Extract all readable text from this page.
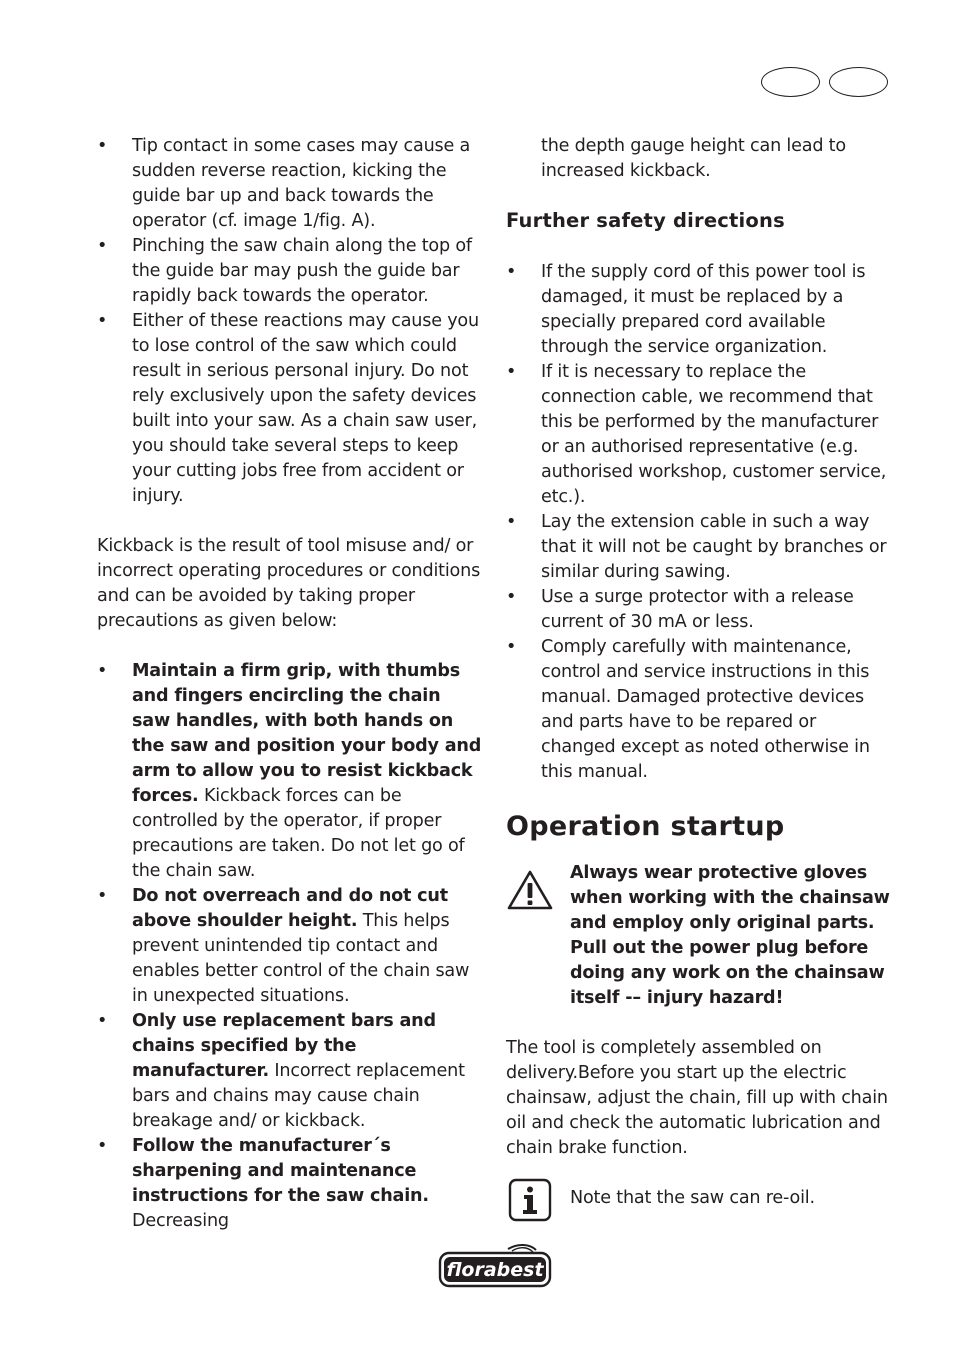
• Tip contact in some cases may cause a sudden reverse reaction, kicking the guide bar up and back towards the operator (cf. image 1/fig. A).
• Pinching the saw chain along the top of the guide bar may push the guide bar rapidly back towards the operator.
• Either of these reactions may cause you to lose control of the saw which could result in serious personal injury. Do not rely exclusively upon the safety devices built into your saw. As a chain saw user, you should take several steps to keep your cutting jobs free from accident or injury.

Kickback is the result of tool misuse and/ or incorrect operating procedures or conditions and can be avoided by taking proper precautions as given below:

• Maintain a firm grip, with thumbs and fingers encircling the chain saw handles, with both hands on the saw and position your body and arm to allow you to resist kickback forces. Kickback forces can be controlled by the operator, if proper precautions are taken. Do not let go of the chain saw.
• Do not overreach and do not cut above shoulder height. This helps prevent unintended tip contact and enables better control of the chain saw in unexpected situations.
• Only use replacement bars and chains specified by the manufacturer. Incorrect replacement bars and chains may cause chain breakage and/ or kickback.
• Follow the manufacturer´s sharpening and maintenance instructions for the saw chain. Decreasing

the depth gauge height can lead to increased kickback.

Further safety directions
• If the supply cord of this power tool is damaged, it must be replaced by a specially prepared cord available through the service organization.
• If it is necessary to replace the connection cable, we recommend that this be performed by the manufacturer or an authorised representative (e.g. authorised workshop, customer service, etc.).
• Lay the extension cable in such a way that it will not be caught by branches or similar during sawing.
• Use a surge protector with a release current of 30 mA or less.
• Comply carefully with maintenance, control and service instructions in this manual. Damaged protective devices and parts have to be repared or changed except as noted otherwise in this manual.
Operation startup

Always wear protective gloves when working with the chainsaw and employ only original parts. Pull out the power plug before doing any work on the chainsaw itself -– injury hazard!

The tool is completely assembled on delivery.Before you start up the electric chainsaw, adjust the chain, fill up with chain oil and check the automatic lubrication and chain brake function.

Note that the saw can re-oil.

florabest
